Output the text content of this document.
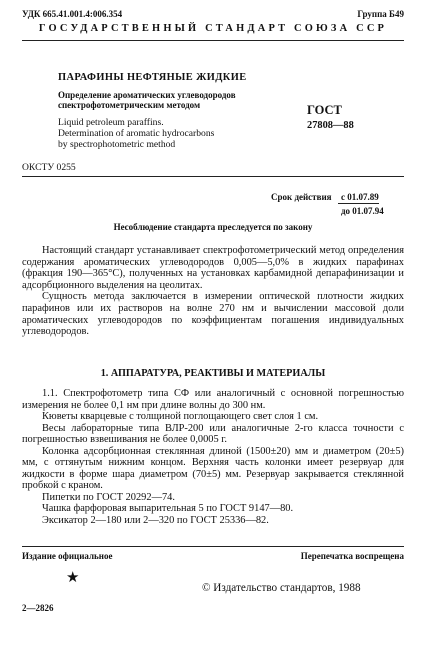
УДК 665.41.001.4:006.354	Группа Б49
ГОСУДАРСТВЕННЫЙ СТАНДАРТ СОЮЗА ССР
ПАРАФИНЫ НЕФТЯНЫЕ ЖИДКИЕ
Определение ароматических углеводородов
спектрофотометрическим методом
Liquid petroleum paraffins.
Determination of aromatic hydrocarbons
by spectrophotometric method
ГОСТ
27808—88
ОКСТУ 0255
Срок действия	с 01.07.89
до 01.07.94
Несоблюдение стандарта преследуется по закону

Настоящий стандарт устанавливает спектрофотометрический метод определения содержания ароматических углеводородов 0,005—5,0% в жидких парафинах (фракция 190—365°С), полученных на установках карбамидной депарафинизации и адсорбционного выделения на цеолитах.

Сущность метода заключается в измерении оптической плотности жидких парафинов или их растворов на волне 270 нм и вычислении массовой доли ароматических углеводородов по коэффициентам погашения индивидуальных углеводородов.

1. АППАРАТУРА, РЕАКТИВЫ И МАТЕРИАЛЫ

1.1. Спектрофотометр типа СФ или аналогичный с основной погрешностью измерения не более 0,1 нм при длине волны до 300 нм.

Кюветы кварцевые с толщиной поглощающего свет слоя 1 см.

Весы лабораторные типа ВЛР-200 или аналогичные 2-го класса точности с погрешностью взвешивания не более 0,0005 г.

Колонка адсорбционная стеклянная длиной (1500±20) мм и диаметром (20±5) мм, с оттянутым нижним концом. Верхняя часть колонки имеет резервуар для жидкости в форме шара диаметром (70±5) мм. Резервуар закрывается стеклянной пробкой с краном.

Пипетки по ГОСТ 20292—74.

Чашка фарфоровая выпарительная 5 по ГОСТ 9147—80.

Эксикатор 2—180 или 2—320 по ГОСТ 25336—82.

Издание официальное	Перепечатка воспрещена
★
© Издательство стандартов, 1988
2—2826
